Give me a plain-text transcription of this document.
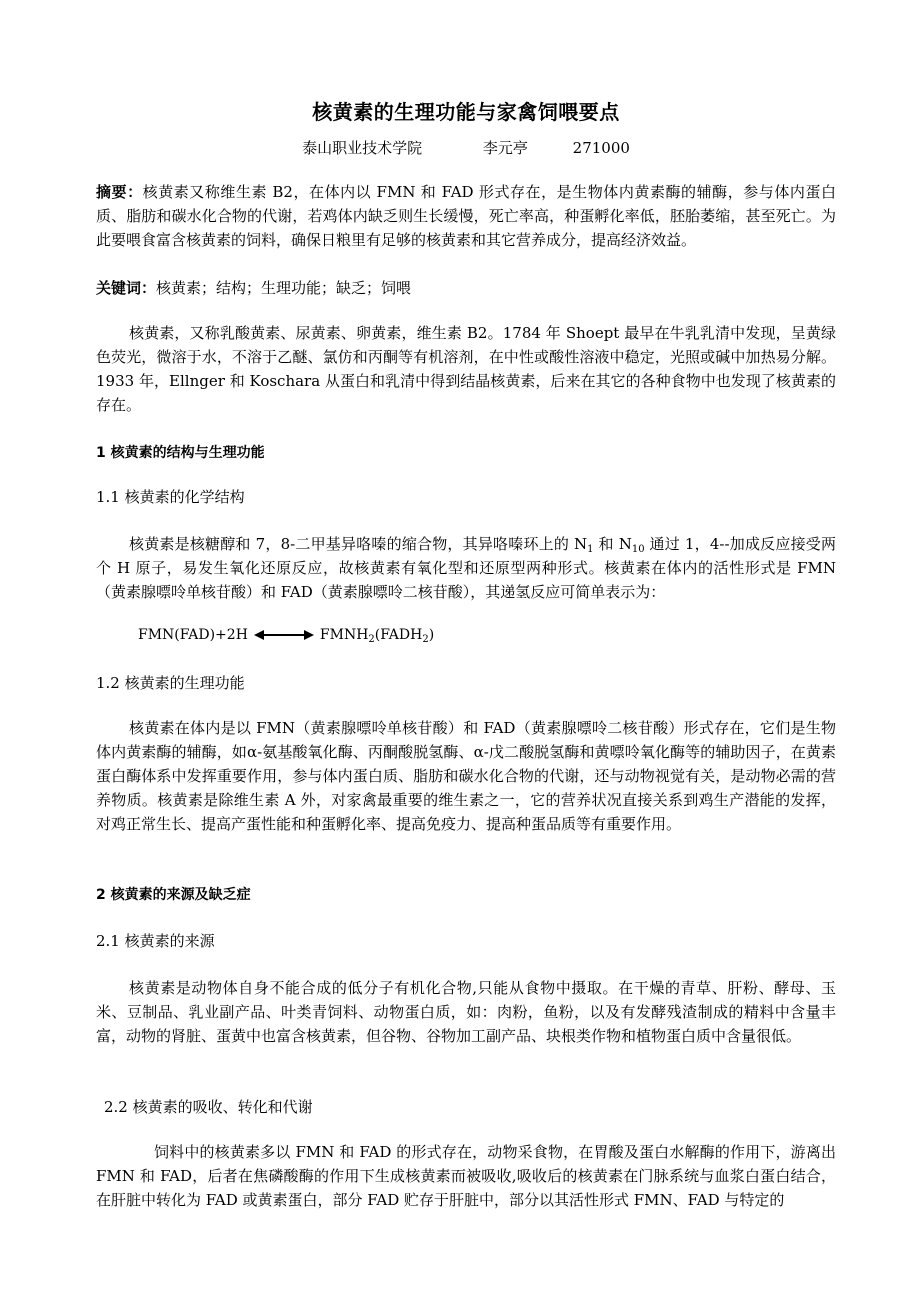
核黄素的生理功能与家禽饲喂要点
泰山职业技术学院	李元亭	271000
摘要：核黄素又称维生素 B2，在体内以 FMN 和 FAD 形式存在，是生物体内黄素酶的辅酶，参与体内蛋白质、脂肪和碳水化合物的代谢，若鸡体内缺乏则生长缓慢，死亡率高，种蛋孵化率低，胚胎萎缩，甚至死亡。为此要喂食富含核黄素的饲料，确保日粮里有足够的核黄素和其它营养成分，提高经济效益。
关键词：核黄素；结构；生理功能；缺乏；饲喂
核黄素，又称乳酸黄素、尿黄素、卵黄素，维生素 B2。1784 年 Shoept 最早在牛乳乳清中发现，呈黄绿色荧光，微溶于水，不溶于乙醚、氯仿和丙酮等有机溶剂，在中性或酸性溶液中稳定，光照或碱中加热易分解。1933 年，Ellnger 和 Koschara 从蛋白和乳清中得到结晶核黄素，后来在其它的各种食物中也发现了核黄素的存在。
1 核黄素的结构与生理功能
1.1 核黄素的化学结构
核黄素是核糖醇和 7，8-二甲基异咯嗪的缩合物，其异咯嗪环上的 $N_1$ 和 $N_{10}$ 通过 1，4--加成反应接受两个 H 原子，易发生氧化还原反应，故核黄素有氧化型和还原型两种形式。核黄素在体内的活性形式是 FMN（黄素腺嘌呤单核苷酸）和 FAD（黄素腺嘌呤二核苷酸），其递氢反应可简单表示为：
FMN(FAD)+2H	$FMNH_2(FADH_2)$
1.2 核黄素的生理功能
核黄素在体内是以 FMN（黄素腺嘌呤单核苷酸）和 FAD（黄素腺嘌呤二核苷酸）形式存在，它们是生物体内黄素酶的辅酶，如α-氨基酸氧化酶、丙酮酸脱氢酶、α-戊二酸脱氢酶和黄嘌呤氧化酶等的辅助因子，在黄素蛋白酶体系中发挥重要作用，参与体内蛋白质、脂肪和碳水化合物的代谢，还与动物视觉有关，是动物必需的营养物质。核黄素是除维生素 A 外，对家禽最重要的维生素之一，它的营养状况直接关系到鸡生产潜能的发挥，对鸡正常生长、提高产蛋性能和种蛋孵化率、提高免疫力、提高种蛋品质等有重要作用。
2 核黄素的来源及缺乏症
2.1 核黄素的来源
核黄素是动物体自身不能合成的低分子有机化合物,只能从食物中摄取。在干燥的青草、肝粉、酵母、玉米、豆制品、乳业副产品、叶类青饲料、动物蛋白质，如：肉粉，鱼粉，以及有发酵残渣制成的精料中含量丰富，动物的肾脏、蛋黄中也富含核黄素，但谷物、谷物加工副产品、块根类作物和植物蛋白质中含量很低。
2.2 核黄素的吸收、转化和代谢
饲料中的核黄素多以 FMN 和 FAD 的形式存在，动物采食物，在胃酸及蛋白水解酶的作用下，游离出 FMN 和 FAD，后者在焦磷酸酶的作用下生成核黄素而被吸收,吸收后的核黄素在门脉系统与血浆白蛋白结合，在肝脏中转化为 FAD 或黄素蛋白，部分 FAD 贮存于肝脏中，部分以其活性形式 FMN、FAD 与特定的
